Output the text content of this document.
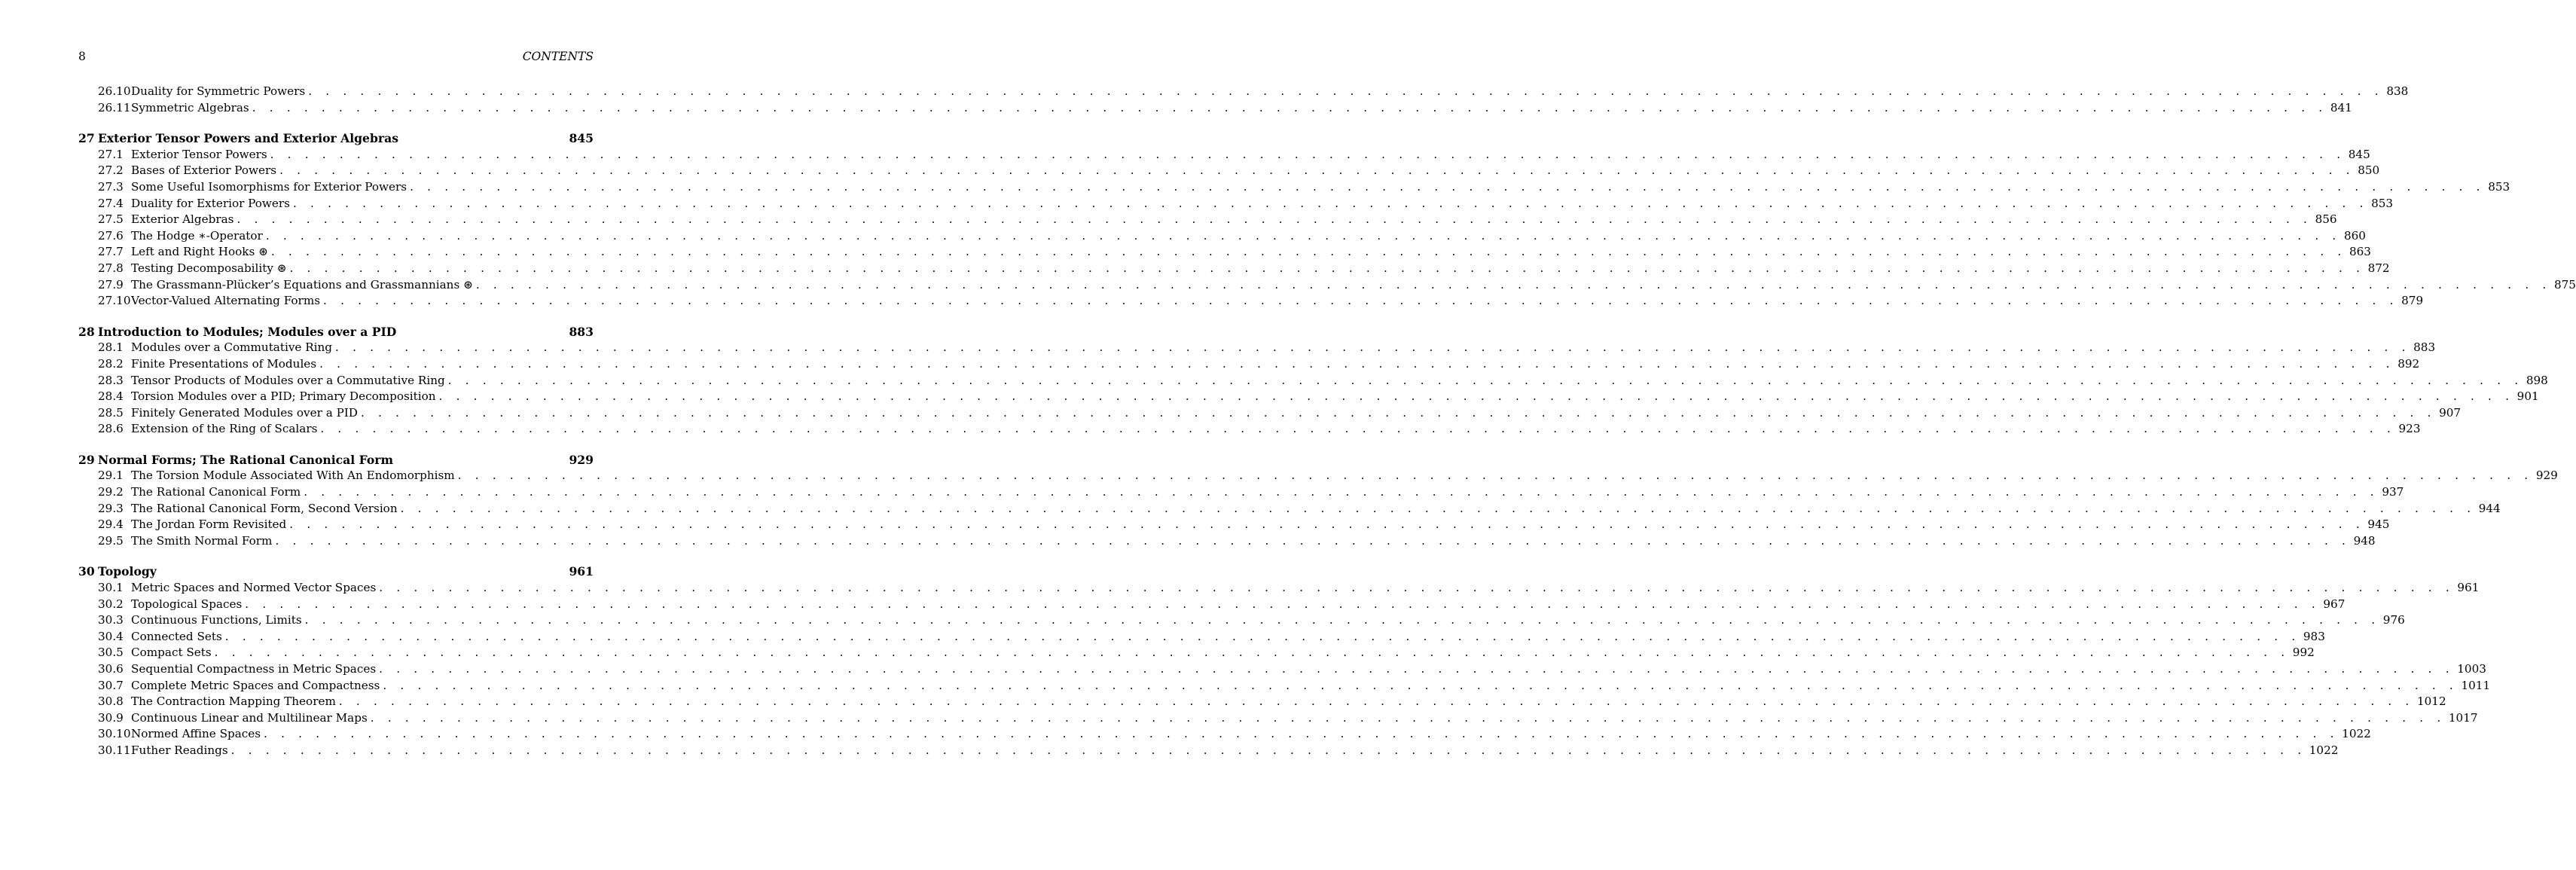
8	CONTENTS
26.10 Duality for Symmetric Powers . . . . . . . . . . . . . . . . . . . . . . . . . . . . . . . . . . . . . . . . . . . . . . . . . . . . . . . . . . . . . . . . . . . . . . . . . . . . . . . . . . . . . . . . . . . . . . . . . . . . . . . . . . . . . . . . . . . . . . . . 838
26.11 Symmetric Algebras . . . . . . . . . . . . . . . . . . . . . . . . . . . . . . . . . . . . . . . . . . . . . . . . . . . . . . . . . . . . . . . . . . . . . . . . . . . . . . . . . . . . . . . . . . . . . . . . . . . . . . . . . . . . . . . . . . . . . . . . 841
27 Exterior Tensor Powers and Exterior Algebras	845
27.1 Exterior Tensor Powers . . . . . . . . . . . . . . . . . . . . . . . . . . . . . . . . . . . . . . . . . . . . . . . . . . . . . . . . . . . . . . . . . . . . . . . . . . . . . . . . . . . . . . . . . . . . . . . . . . . . . . . . . . . . . . . . . . . . . . . . 845
27.2 Bases of Exterior Powers . . . . . . . . . . . . . . . . . . . . . . . . . . . . . . . . . . . . . . . . . . . . . . . . . . . . . . . . . . . . . . . . . . . . . . . . . . . . . . . . . . . . . . . . . . . . . . . . . . . . . . . . . . . . . . . . . . . . . . . . 850
27.3 Some Useful Isomorphisms for Exterior Powers . . . . . . . . . . . . . . . . . . . . . . . . . . . . . . . . . . . . . . . . . . . . . . . . . . . . . . . . . . . . . . . . . . . . . . . . . . . . . . . . . . . . . . . . . . . . . . . . . . . . . . . . . . . . . . . . . . . . . . . . 853
27.4 Duality for Exterior Powers . . . . . . . . . . . . . . . . . . . . . . . . . . . . . . . . . . . . . . . . . . . . . . . . . . . . . . . . . . . . . . . . . . . . . . . . . . . . . . . . . . . . . . . . . . . . . . . . . . . . . . . . . . . . . . . . . . . . . . . . 853
27.5 Exterior Algebras . . . . . . . . . . . . . . . . . . . . . . . . . . . . . . . . . . . . . . . . . . . . . . . . . . . . . . . . . . . . . . . . . . . . . . . . . . . . . . . . . . . . . . . . . . . . . . . . . . . . . . . . . . . . . . . . . . . . . . . . 856
27.6 The Hodge ∗-Operator . . . . . . . . . . . . . . . . . . . . . . . . . . . . . . . . . . . . . . . . . . . . . . . . . . . . . . . . . . . . . . . . . . . . . . . . . . . . . . . . . . . . . . . . . . . . . . . . . . . . . . . . . . . . . . . . . . . . . . . . 860
27.7 Left and Right Hooks ⊛ . . . . . . . . . . . . . . . . . . . . . . . . . . . . . . . . . . . . . . . . . . . . . . . . . . . . . . . . . . . . . . . . . . . . . . . . . . . . . . . . . . . . . . . . . . . . . . . . . . . . . . . . . . . . . . . . . . . . . . . . 863
27.8 Testing Decomposability ⊛ . . . . . . . . . . . . . . . . . . . . . . . . . . . . . . . . . . . . . . . . . . . . . . . . . . . . . . . . . . . . . . . . . . . . . . . . . . . . . . . . . . . . . . . . . . . . . . . . . . . . . . . . . . . . . . . . . . . . . . . . 872
27.9 The Grassmann-Plücker’s Equations and Grassmannians ⊛ . . . . . . . . . . . . . . . . . . . . . . . . . . . . . . . . . . . . . . . . . . . . . . . . . . . . . . . . . . . . . . . . . . . . . . . . . . . . . . . . . . . . . . . . . . . . . . . . . . . . . . . . . . . . . . . . . . . . . . . . 875
27.10 Vector-Valued Alternating Forms . . . . . . . . . . . . . . . . . . . . . . . . . . . . . . . . . . . . . . . . . . . . . . . . . . . . . . . . . . . . . . . . . . . . . . . . . . . . . . . . . . . . . . . . . . . . . . . . . . . . . . . . . . . . . . . . . . . . . . . . 879
28 Introduction to Modules; Modules over a PID	883
28.1 Modules over a Commutative Ring . . . . . . . . . . . . . . . . . . . . . . . . . . . . . . . . . . . . . . . . . . . . . . . . . . . . . . . . . . . . . . . . . . . . . . . . . . . . . . . . . . . . . . . . . . . . . . . . . . . . . . . . . . . . . . . . . . . . . . . . 883
28.2 Finite Presentations of Modules . . . . . . . . . . . . . . . . . . . . . . . . . . . . . . . . . . . . . . . . . . . . . . . . . . . . . . . . . . . . . . . . . . . . . . . . . . . . . . . . . . . . . . . . . . . . . . . . . . . . . . . . . . . . . . . . . . . . . . . . 892
28.3 Tensor Products of Modules over a Commutative Ring . . . . . . . . . . . . . . . . . . . . . . . . . . . . . . . . . . . . . . . . . . . . . . . . . . . . . . . . . . . . . . . . . . . . . . . . . . . . . . . . . . . . . . . . . . . . . . . . . . . . . . . . . . . . . . . . . . . . . . . . 898
28.4 Torsion Modules over a PID; Primary Decomposition . . . . . . . . . . . . . . . . . . . . . . . . . . . . . . . . . . . . . . . . . . . . . . . . . . . . . . . . . . . . . . . . . . . . . . . . . . . . . . . . . . . . . . . . . . . . . . . . . . . . . . . . . . . . . . . . . . . . . . . . 901
28.5 Finitely Generated Modules over a PID . . . . . . . . . . . . . . . . . . . . . . . . . . . . . . . . . . . . . . . . . . . . . . . . . . . . . . . . . . . . . . . . . . . . . . . . . . . . . . . . . . . . . . . . . . . . . . . . . . . . . . . . . . . . . . . . . . . . . . . . 907
28.6 Extension of the Ring of Scalars . . . . . . . . . . . . . . . . . . . . . . . . . . . . . . . . . . . . . . . . . . . . . . . . . . . . . . . . . . . . . . . . . . . . . . . . . . . . . . . . . . . . . . . . . . . . . . . . . . . . . . . . . . . . . . . . . . . . . . . . 923
29 Normal Forms; The Rational Canonical Form	929
29.1 The Torsion Module Associated With An Endomorphism . . . . . . . . . . . . . . . . . . . . . . . . . . . . . . . . . . . . . . . . . . . . . . . . . . . . . . . . . . . . . . . . . . . . . . . . . . . . . . . . . . . . . . . . . . . . . . . . . . . . . . . . . . . . . . . . . . . . . . . . 929
29.2 The Rational Canonical Form . . . . . . . . . . . . . . . . . . . . . . . . . . . . . . . . . . . . . . . . . . . . . . . . . . . . . . . . . . . . . . . . . . . . . . . . . . . . . . . . . . . . . . . . . . . . . . . . . . . . . . . . . . . . . . . . . . . . . . . . 937
29.3 The Rational Canonical Form, Second Version . . . . . . . . . . . . . . . . . . . . . . . . . . . . . . . . . . . . . . . . . . . . . . . . . . . . . . . . . . . . . . . . . . . . . . . . . . . . . . . . . . . . . . . . . . . . . . . . . . . . . . . . . . . . . . . . . . . . . . . . 944
29.4 The Jordan Form Revisited . . . . . . . . . . . . . . . . . . . . . . . . . . . . . . . . . . . . . . . . . . . . . . . . . . . . . . . . . . . . . . . . . . . . . . . . . . . . . . . . . . . . . . . . . . . . . . . . . . . . . . . . . . . . . . . . . . . . . . . . 945
29.5 The Smith Normal Form . . . . . . . . . . . . . . . . . . . . . . . . . . . . . . . . . . . . . . . . . . . . . . . . . . . . . . . . . . . . . . . . . . . . . . . . . . . . . . . . . . . . . . . . . . . . . . . . . . . . . . . . . . . . . . . . . . . . . . . . 948
30 Topology	961
30.1 Metric Spaces and Normed Vector Spaces . . . . . . . . . . . . . . . . . . . . . . . . . . . . . . . . . . . . . . . . . . . . . . . . . . . . . . . . . . . . . . . . . . . . . . . . . . . . . . . . . . . . . . . . . . . . . . . . . . . . . . . . . . . . . . . . . . . . . . . . 961
30.2 Topological Spaces . . . . . . . . . . . . . . . . . . . . . . . . . . . . . . . . . . . . . . . . . . . . . . . . . . . . . . . . . . . . . . . . . . . . . . . . . . . . . . . . . . . . . . . . . . . . . . . . . . . . . . . . . . . . . . . . . . . . . . . . 967
30.3 Continuous Functions, Limits . . . . . . . . . . . . . . . . . . . . . . . . . . . . . . . . . . . . . . . . . . . . . . . . . . . . . . . . . . . . . . . . . . . . . . . . . . . . . . . . . . . . . . . . . . . . . . . . . . . . . . . . . . . . . . . . . . . . . . . . 976
30.4 Connected Sets . . . . . . . . . . . . . . . . . . . . . . . . . . . . . . . . . . . . . . . . . . . . . . . . . . . . . . . . . . . . . . . . . . . . . . . . . . . . . . . . . . . . . . . . . . . . . . . . . . . . . . . . . . . . . . . . . . . . . . . . 983
30.5 Compact Sets . . . . . . . . . . . . . . . . . . . . . . . . . . . . . . . . . . . . . . . . . . . . . . . . . . . . . . . . . . . . . . . . . . . . . . . . . . . . . . . . . . . . . . . . . . . . . . . . . . . . . . . . . . . . . . . . . . . . . . . . 992
30.6 Sequential Compactness in Metric Spaces . . . . . . . . . . . . . . . . . . . . . . . . . . . . . . . . . . . . . . . . . . . . . . . . . . . . . . . . . . . . . . . . . . . . . . . . . . . . . . . . . . . . . . . . . . . . . . . . . . . . . . . . . . . . . . . . . . . . . . . . 1003
30.7 Complete Metric Spaces and Compactness . . . . . . . . . . . . . . . . . . . . . . . . . . . . . . . . . . . . . . . . . . . . . . . . . . . . . . . . . . . . . . . . . . . . . . . . . . . . . . . . . . . . . . . . . . . . . . . . . . . . . . . . . . . . . . . . . . . . . . . . 1011
30.8 The Contraction Mapping Theorem . . . . . . . . . . . . . . . . . . . . . . . . . . . . . . . . . . . . . . . . . . . . . . . . . . . . . . . . . . . . . . . . . . . . . . . . . . . . . . . . . . . . . . . . . . . . . . . . . . . . . . . . . . . . . . . . . . . . . . . . 1012
30.9 Continuous Linear and Multilinear Maps . . . . . . . . . . . . . . . . . . . . . . . . . . . . . . . . . . . . . . . . . . . . . . . . . . . . . . . . . . . . . . . . . . . . . . . . . . . . . . . . . . . . . . . . . . . . . . . . . . . . . . . . . . . . . . . . . . . . . . . . 1017
30.10 Normed Affine Spaces . . . . . . . . . . . . . . . . . . . . . . . . . . . . . . . . . . . . . . . . . . . . . . . . . . . . . . . . . . . . . . . . . . . . . . . . . . . . . . . . . . . . . . . . . . . . . . . . . . . . . . . . . . . . . . . . . . . . . . . . 1022
30.11 Futher Readings . . . . . . . . . . . . . . . . . . . . . . . . . . . . . . . . . . . . . . . . . . . . . . . . . . . . . . . . . . . . . . . . . . . . . . . . . . . . . . . . . . . . . . . . . . . . . . . . . . . . . . . . . . . . . . . . . . . . . . . . 1022
